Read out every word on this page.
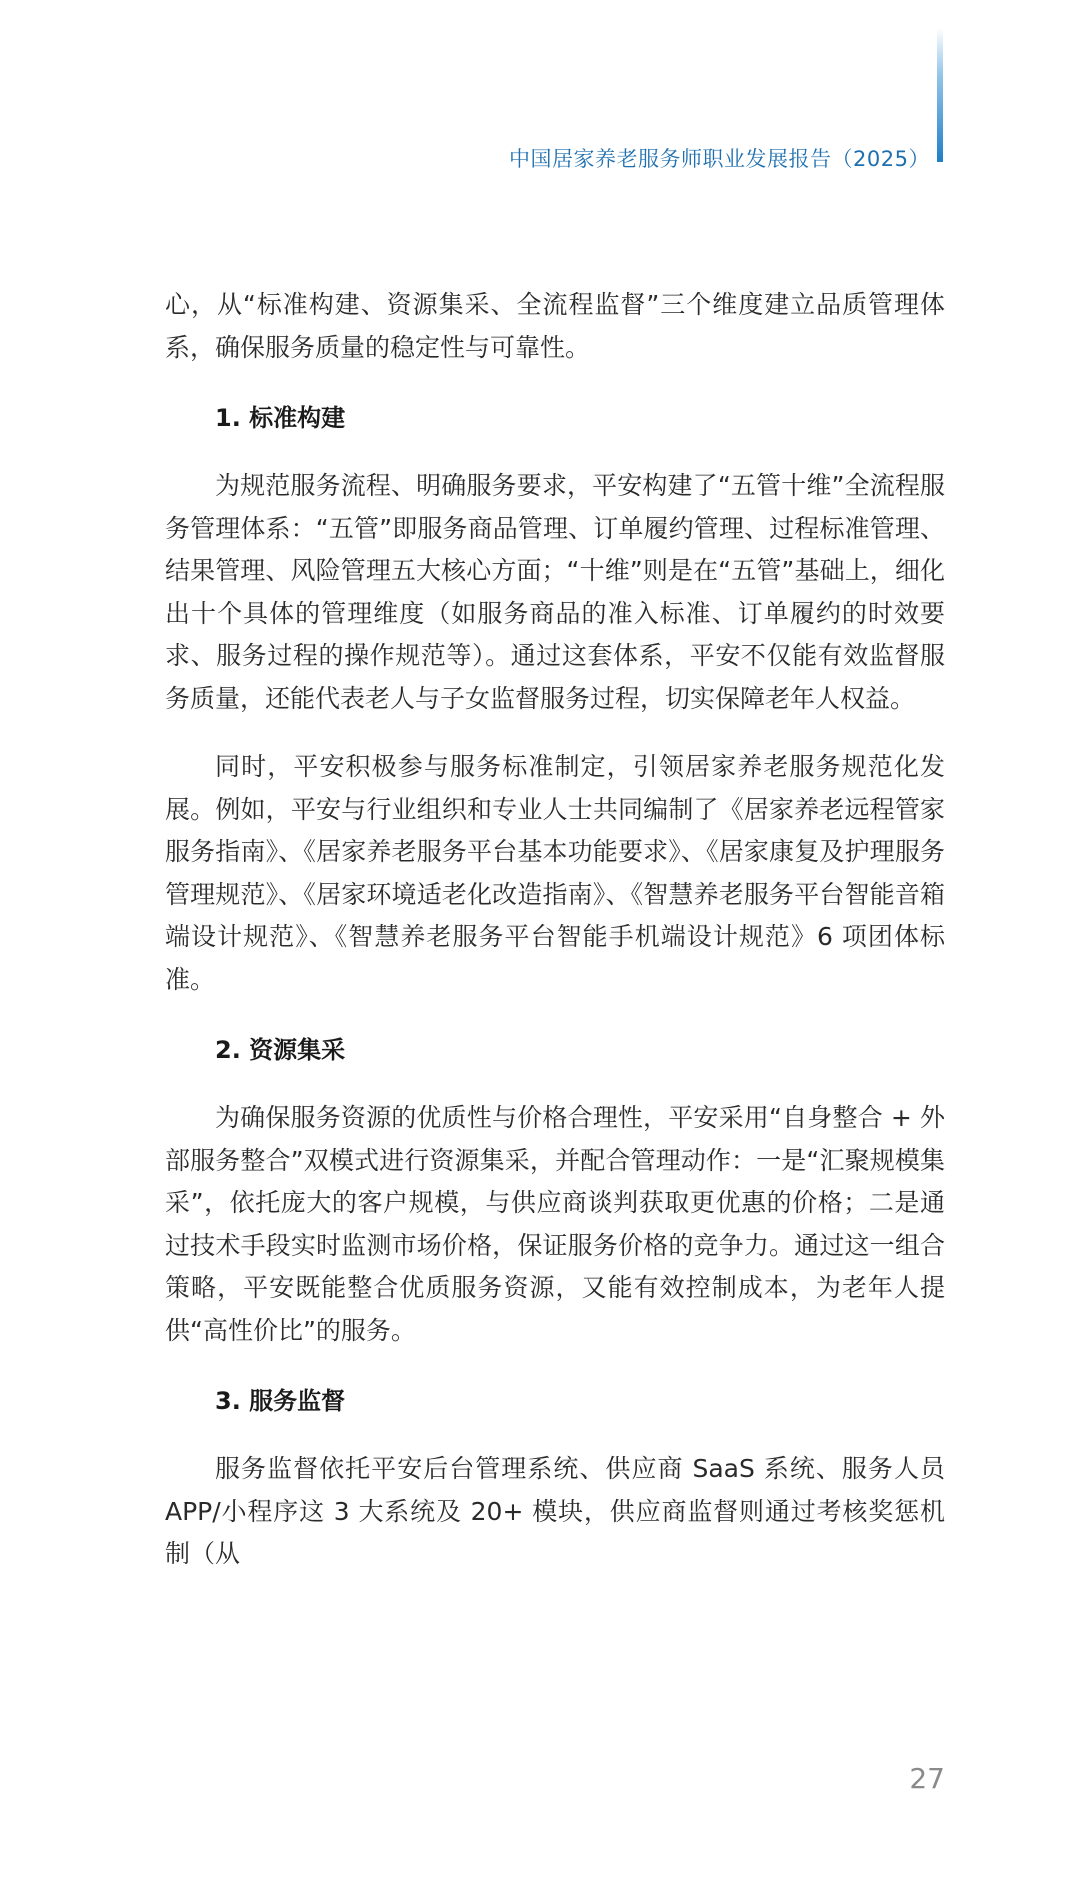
中国居家养老服务师职业发展报告（2025）

心，从“标准构建、资源集采、全流程监督”三个维度建立品质管理体系，确保服务质量的稳定性与可靠性。

1. 标准构建

为规范服务流程、明确服务要求，平安构建了“五管十维”全流程服务管理体系：“五管”即服务商品管理、订单履约管理、过程标准管理、结果管理、风险管理五大核心方面；“十维”则是在“五管”基础上，细化出十个具体的管理维度（如服务商品的准入标准、订单履约的时效要求、服务过程的操作规范等）。通过这套体系，平安不仅能有效监督服务质量，还能代表老人与子女监督服务过程，切实保障老年人权益。

同时，平安积极参与服务标准制定，引领居家养老服务规范化发展。例如，平安与行业组织和专业人士共同编制了《居家养老远程管家服务指南》、《居家养老服务平台基本功能要求》、《居家康复及护理服务管理规范》、《居家环境适老化改造指南》、《智慧养老服务平台智能音箱端设计规范》、《智慧养老服务平台智能手机端设计规范》6 项团体标准。

2. 资源集采

为确保服务资源的优质性与价格合理性，平安采用“自身整合 + 外部服务整合”双模式进行资源集采，并配合管理动作：一是“汇聚规模集采”，依托庞大的客户规模，与供应商谈判获取更优惠的价格；二是通过技术手段实时监测市场价格，保证服务价格的竞争力。通过这一组合策略，平安既能整合优质服务资源，又能有效控制成本，为老年人提供“高性价比”的服务。

3. 服务监督

服务监督依托平安后台管理系统、供应商 SaaS 系统、服务人员 APP/小程序这 3 大系统及 20+ 模块，供应商监督则通过考核奖惩机制（从

27
